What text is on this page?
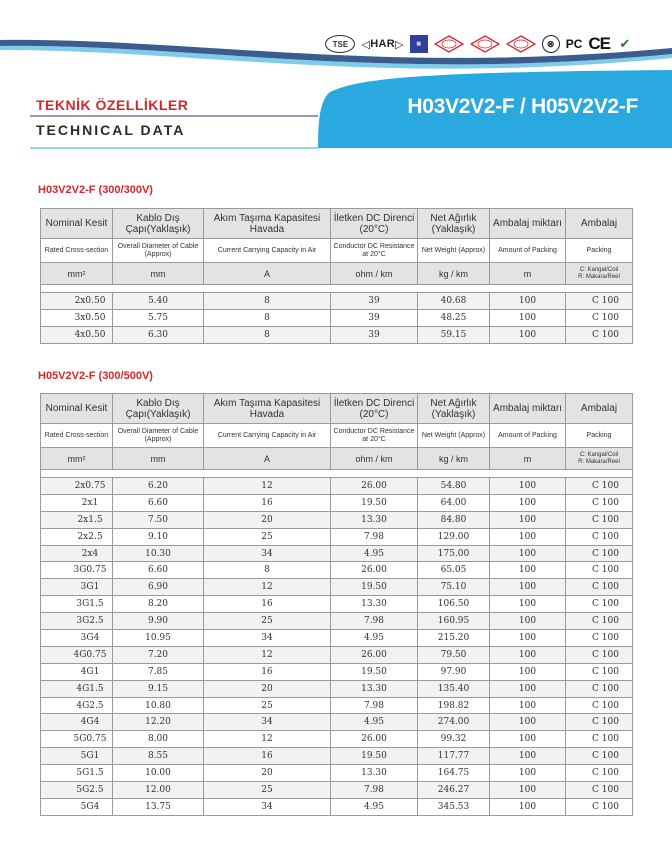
TSE	◁ HAR ▷	▦	⊗ PC CE ✔
TEKNİK ÖZELLİKLER
TECHNICAL DATA
H03V2V2-F / H05V2V2-F
H03V2V2-F (300/300V)
Nominal Kesit	Kablo Dış Çapı(Yaklaşık)	Akım Taşıma Kapasitesi Havada	İletken DC Direnci (20°C)	Net Ağırlık (Yaklaşık)	Ambalaj miktarı	Ambalaj
Rated Cross-section	Overall Diameter of Cable (Approx)	Current Carrying Capacity in Air	Conductor DC Resistance at 20°C	Net Weight (Approx)	Amount of Packing	Packing
mm²	mm	A	ohm / km	kg / km	m	C: Kangal/Coil
R: Makara/Reel

2x0.50	5.40	8	39	40.68	100	C 100
3x0.50	5.75	8	39	48.25	100	C 100
4x0.50	6.30	8	39	59.15	100	C 100
H05V2V2-F (300/500V)
Nominal Kesit	Kablo Dış Çapı(Yaklaşık)	Akım Taşıma Kapasitesi Havada	İletken DC Direnci (20°C)	Net Ağırlık (Yaklaşık)	Ambalaj miktarı	Ambalaj
Rated Cross-section	Overall Diameter of Cable (Approx)	Current Carrying Capacity in Air	Conductor DC Resistance at 20°C	Net Weight (Approx)	Amount of Packing	Packing
mm²	mm	A	ohm / km	kg / km	m	C: Kangal/Coil
R: Makara/Reel

2x0.75	6.20	12	26.00	54.80	100	C 100
2x1	6.60	16	19.50	64.00	100	C 100
2x1.5	7.50	20	13.30	84.80	100	C 100
2x2.5	9.10	25	7.98	129.00	100	C 100
2x4	10.30	34	4.95	175.00	100	C 100
3G0.75	6.60	8	26.00	65.05	100	C 100
3G1	6.90	12	19.50	75.10	100	C 100
3G1.5	8.20	16	13.30	106.50	100	C 100
3G2.5	9.90	25	7.98	160.95	100	C 100
3G4	10.95	34	4.95	215.20	100	C 100
4G0.75	7.20	12	26.00	79.50	100	C 100
4G1	7.85	16	19.50	97.90	100	C 100
4G1.5	9.15	20	13.30	135.40	100	C 100
4G2.5	10.80	25	7.98	198.82	100	C 100
4G4	12.20	34	4.95	274.00	100	C 100
5G0.75	8.00	12	26.00	99.32	100	C 100
5G1	8.55	16	19.50	117.77	100	C 100
5G1.5	10.00	20	13.30	164.75	100	C 100
5G2.5	12.00	25	7.98	246.27	100	C 100
5G4	13.75	34	4.95	345.53	100	C 100
